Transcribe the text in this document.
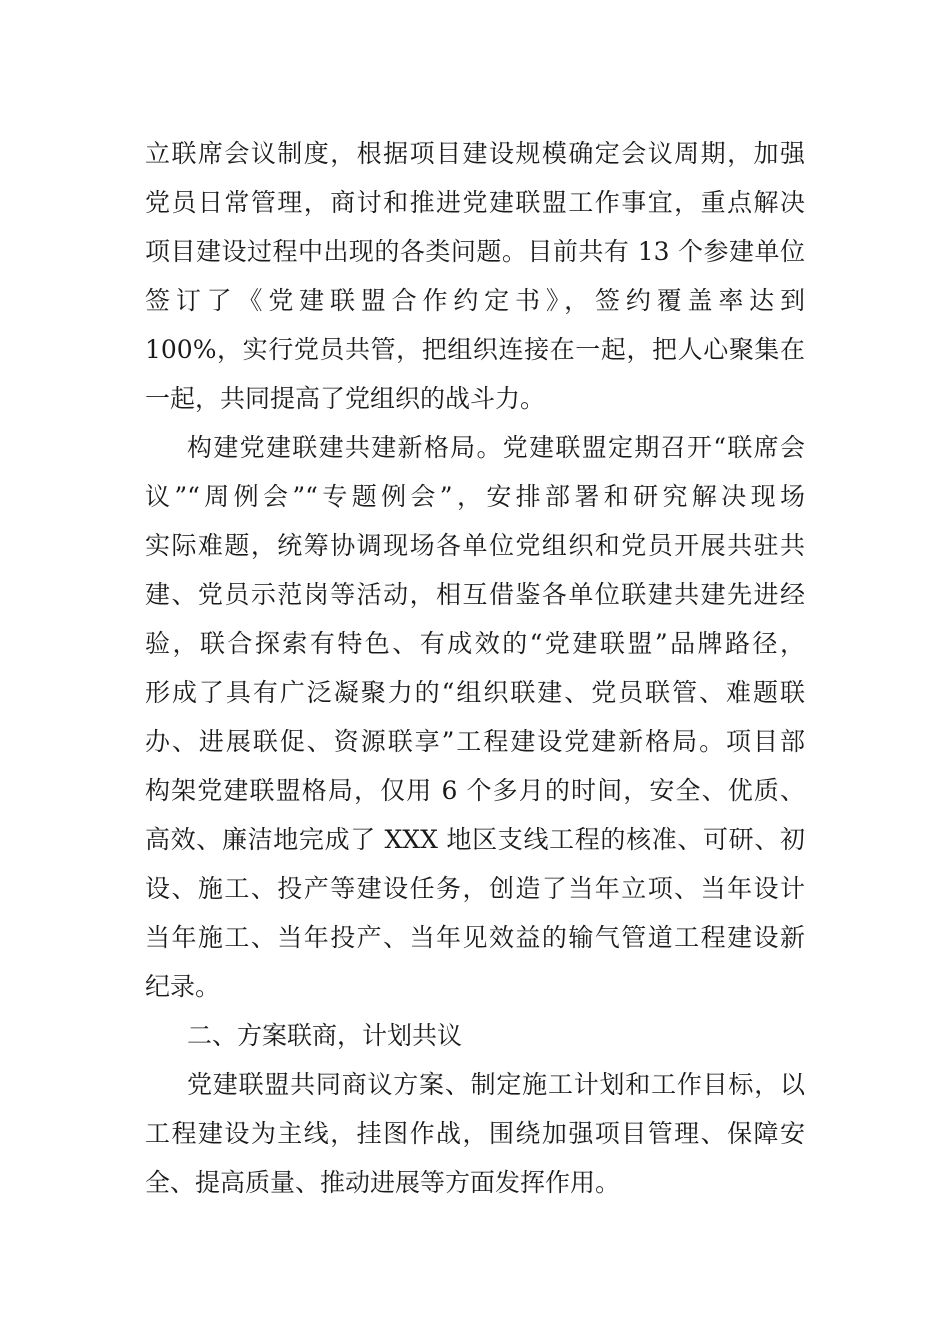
立联席会议制度，根据项目建设规模确定会议周期，加强
党员日常管理，商讨和推进党建联盟工作事宜，重点解决
项目建设过程中出现的各类问题。目前共有 13 个参建单位
签订了《党建联盟合作约定书》，签约覆盖率达到
100%，实行党员共管，把组织连接在一起，把人心聚集在
一起，共同提高了党组织的战斗力。
构建党建联建共建新格局。党建联盟定期召开“联席会
议”“周例会”“专题例会”，安排部署和研究解决现场
实际难题，统筹协调现场各单位党组织和党员开展共驻共
建、党员示范岗等活动，相互借鉴各单位联建共建先进经
验，联合探索有特色、有成效的“党建联盟”品牌路径，
形成了具有广泛凝聚力的“组织联建、党员联管、难题联
办、进展联促、资源联享”工程建设党建新格局。项目部
构架党建联盟格局，仅用 6 个多月的时间，安全、优质、
高效、廉洁地完成了 XXX 地区支线工程的核准、可研、初
设、施工、投产等建设任务，创造了当年立项、当年设计
当年施工、当年投产、当年见效益的输气管道工程建设新
纪录。
二、方案联商，计划共议
党建联盟共同商议方案、制定施工计划和工作目标，以
工程建设为主线，挂图作战，围绕加强项目管理、保障安
全、提高质量、推动进展等方面发挥作用。
